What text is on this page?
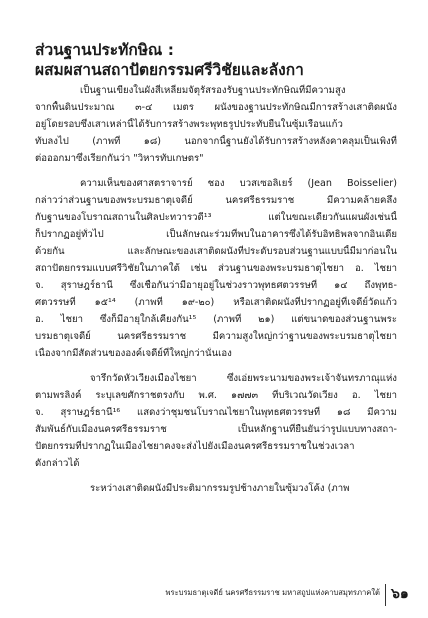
ส่วนฐานประทักษิณ :
ผสมผสานสถาปัตยกรรมศรีวิชัยและลังกา
เป็นฐานเขียงในผังสี่เหลี่ยมจัตุรัสรองรับฐานประทักษิณที่มีความสูง
จากพื้นดินประมาณ ๓-๔ เมตร ผนังของฐานประทักษิณมีการสร้างเสาติดผนัง
อยู่โดยรอบซึ่งเสาเหล่านี้ได้รับการสร้างพระพุทธรูปประทับยืนในซุ้มเรือนแก้ว
ทับลงไป (ภาพที่ ๑๘) นอกจากนี้ฐานยังได้รับการสร้างหลังคาคลุมเป็นเพิงที่
ต่อออกมาซึ่งเรียกกันว่า "วิหารทับเกษตร"
ความเห็นของศาสตราจารย์ ชอง บวสเซอลิเยร์ (Jean Boisselier)
กล่าวว่าส่วนฐานของพระบรมธาตุเจดีย์ นครศรีธรรมราช มีความคล้ายคลึง
กับฐานของโบราณสถานในศิลปะทวารวดี¹³ แต่ในขณะเดียวกันแผนผังเช่นนี้
ก็ปรากฏอยู่ทั่วไป เป็นลักษณะร่วมที่พบในอาคารซึ่งได้รับอิทธิพลจากอินเดีย
ด้วยกัน และลักษณะของเสาติดผนังที่ประดับรอบส่วนฐานแบบนี้มีมาก่อนใน
สถาปัตยกรรมแบบศรีวิชัยในภาคใต้ เช่น ส่วนฐานของพระบรมธาตุไชยา อ. ไชยา
จ. สุราษฎร์ธานี ซึ่งเชื่อกันว่ามีอายุอยู่ในช่วงราวพุทธศตวรรษที่ ๑๔ ถึงพุทธ-
ศตวรรษที่ ๑๕¹⁴ (ภาพที่ ๑๙-๒๐) หรือเสาติดผนังที่ปรากฏอยู่ที่เจดีย์วัดแก้ว
อ. ไชยา ซึ่งก็มีอายุใกล้เคียงกัน¹⁵ (ภาพที่ ๒๑) แต่ขนาดของส่วนฐานพระ
บรมธาตุเจดีย์ นครศรีธรรมราช มีความสูงใหญ่กว่าฐานของพระบรมธาตุไชยา
เนื่องจากมีสัดส่วนขององค์เจดีย์ที่ใหญ่กว่านั่นเอง
จารึกวัดหัวเวียงเมืองไชยา ซึ่งเอ่ยพระนามของพระเจ้าจันทรภาณุแห่ง
ตามพรลิงค์ ระบุเลขศักราชตรงกับ พ.ศ. ๑๗๗๓ ที่บริเวณวัดเวียง อ. ไชยา
จ. สุราษฎร์ธานี¹⁶ แสดงว่าชุมชนโบราณไชยาในพุทธศตวรรษที่ ๑๘ มีความ
สัมพันธ์กับเมืองนครศรีธรรมราช เป็นหลักฐานที่ยืนยันว่ารูปแบบทางสถา-
ปัตยกรรมที่ปรากฏในเมืองไชยาคงจะส่งไปยังเมืองนครศรีธรรมราชในช่วงเวลา
ดังกล่าวได้
ระหว่างเสาติดผนังมีประติมากรรมรูปช้างภายในซุ้มวงโค้ง (ภาพ
พระบรมธาตุเจดีย์ นครศรีธรรมราช มหาสถูปแห่งคาบสมุทรภาคใต้ ๖๑
